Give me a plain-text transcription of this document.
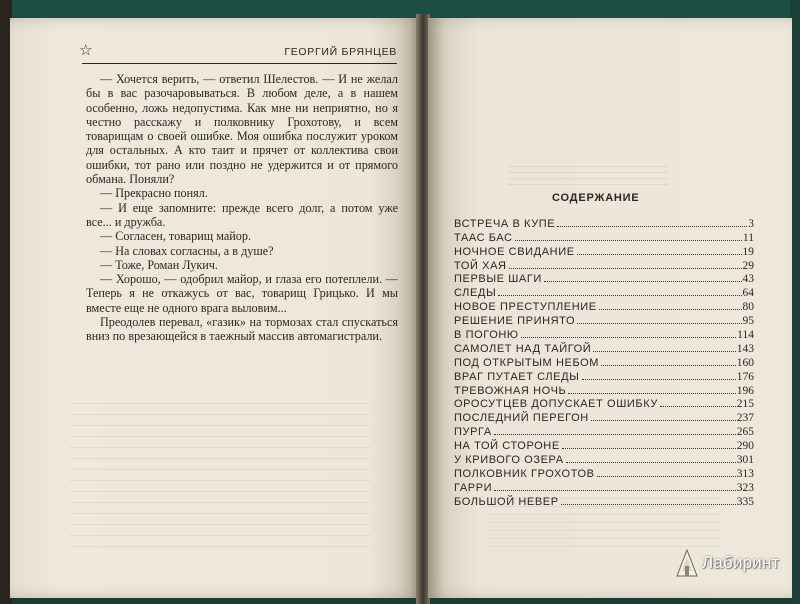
☆	ГЕОРГИЙ БРЯНЦЕВ

— Хочется верить, — ответил Шелестов. — И не желал бы в вас разочаровываться. В любом деле, а в нашем особенно, ложь недопустима. Как мне ни неприятно, но я честно расскажу и полковнику Грохотову, и всем товарищам о своей ошибке. Моя ошибка послужит уроком для остальных. А кто таит и прячет от коллектива свои ошибки, тот рано или поздно не удержится и от прямого обмана. Поняли?

— Прекрасно понял.

— И еще запомните: прежде всего долг, а потом уже все... и дружба.

— Согласен, товарищ майор.

— На словах согласны, а в душе?

— Тоже, Роман Лукич.

— Хорошо, — одобрил майор, и глаза его потеплели. — Теперь я не откажусь от вас, товарищ Грицько. И мы вместе еще не одного врага выловим...

Преодолев перевал, «газик» на тормозах стал спускаться вниз по врезающейся в таежный массив автомагистрали.

СОДЕРЖАНИЕ
ВСТРЕЧА В КУПЕ	3
ТААС БАС	11
НОЧНОЕ СВИДАНИЕ	19
ТОЙ ХАЯ	29
ПЕРВЫЕ ШАГИ	43
СЛЕДЫ	64
НОВОЕ ПРЕСТУПЛЕНИЕ	80
РЕШЕНИЕ ПРИНЯТО	95
В ПОГОНЮ	114
САМОЛЕТ НАД ТАЙГОЙ	143
ПОД ОТКРЫТЫМ НЕБОМ	160
ВРАГ ПУТАЕТ СЛЕДЫ	176
ТРЕВОЖНАЯ НОЧЬ	196
ОРОСУТЦЕВ ДОПУСКАЕТ ОШИБКУ	215
ПОСЛЕДНИЙ ПЕРЕГОН	237
ПУРГА	265
НА ТОЙ СТОРОНЕ	290
У КРИВОГО ОЗЕРА	301
ПОЛКОВНИК ГРОХОТОВ	313
ГАРРИ	323
БОЛЬШОЙ НЕВЕР	335
Лабиринт
